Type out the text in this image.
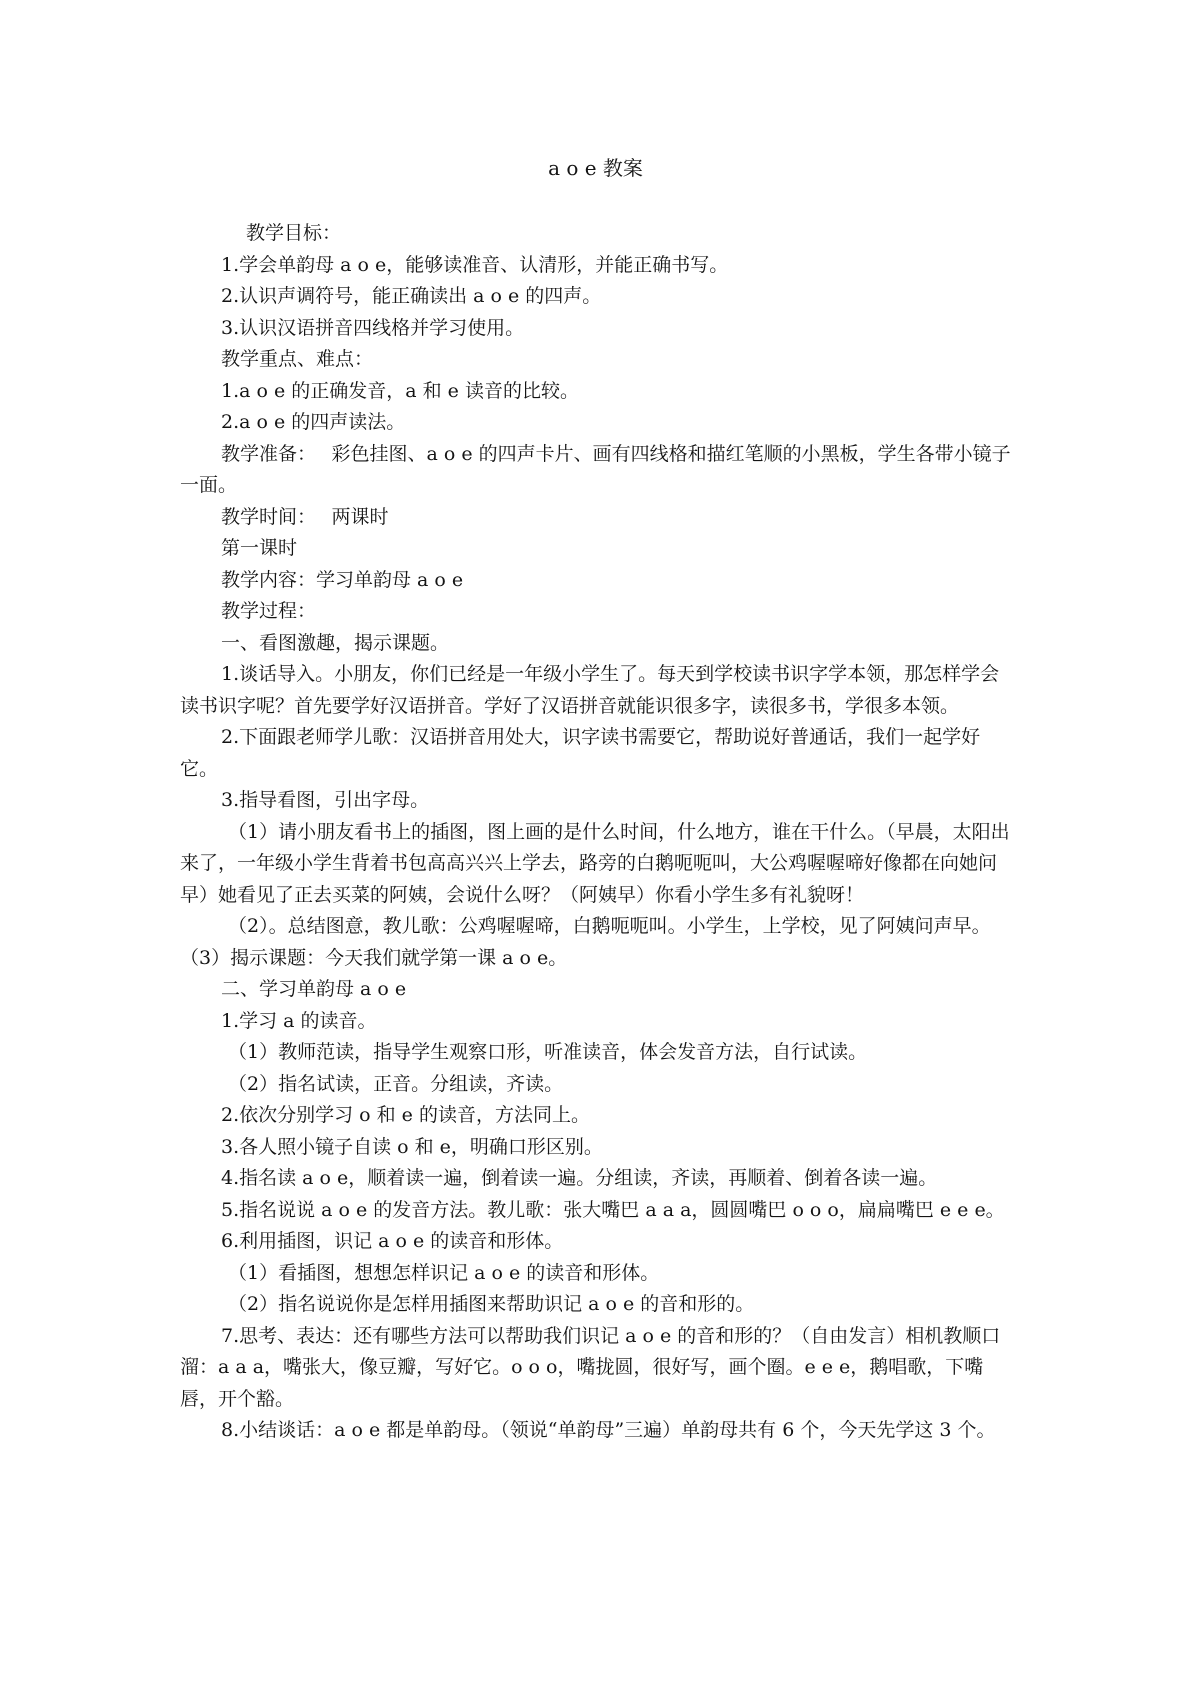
a o e 教案

教学目标：

1.学会单韵母 a o e，能够读准音、认清形，并能正确书写。

2.认识声调符号，能正确读出 a o e 的四声。

3.认识汉语拼音四线格并学习使用。

教学重点、难点：

1.a o e 的正确发音，a 和 e 读音的比较。

2.a o e 的四声读法。

教学准备：　 彩色挂图、a o e 的四声卡片、画有四线格和描红笔顺的小黑板，学生各带小镜子一面。

教学时间：　 两课时

第一课时

教学内容：学习单韵母 a o e

教学过程：

一、看图激趣，揭示课题。

1.谈话导入。小朋友，你们已经是一年级小学生了。每天到学校读书识字学本领，那怎样学会读书识字呢？首先要学好汉语拼音。学好了汉语拼音就能识很多字，读很多书，学很多本领。

2.下面跟老师学儿歌：汉语拼音用处大，识字读书需要它，帮助说好普通话，我们一起学好它。

3.指导看图，引出字母。

（1）请小朋友看书上的插图，图上画的是什么时间，什么地方，谁在干什么。（早晨，太阳出来了，一年级小学生背着书包高高兴兴上学去，路旁的白鹅呃呃叫，大公鸡喔喔啼好像都在向她问早）她看见了正去买菜的阿姨，会说什么呀？（阿姨早）你看小学生多有礼貌呀！

（2）。总结图意，教儿歌：公鸡喔喔啼，白鹅呃呃叫。小学生，上学校，见了阿姨问声早。（3）揭示课题：今天我们就学第一课 a o e。

二、学习单韵母 a o e

1.学习 a 的读音。

（1）教师范读，指导学生观察口形，听准读音，体会发音方法，自行试读。

（2）指名试读，正音。分组读，齐读。

2.依次分别学习 o 和 e 的读音，方法同上。

3.各人照小镜子自读 o 和 e，明确口形区别。

4.指名读 a o e，顺着读一遍，倒着读一遍。分组读，齐读，再顺着、倒着各读一遍。

5.指名说说 a o e 的发音方法。教儿歌：张大嘴巴 a a a，圆圆嘴巴 o o o，扁扁嘴巴 e e e。

6.利用插图，识记 a o e 的读音和形体。

（1）看插图，想想怎样识记 a o e 的读音和形体。

（2）指名说说你是怎样用插图来帮助识记 a o e 的音和形的。

7.思考、表达：还有哪些方法可以帮助我们识记 a o e 的音和形的？（自由发言）相机教顺口溜：a a a，嘴张大，像豆瓣，写好它。o o o，嘴拢圆，很好写，画个圈。e e e，鹅唱歌，下嘴唇，开个豁。

8.小结谈话：a o e 都是单韵母。（领说“单韵母”三遍）单韵母共有 6 个，今天先学这 3 个。
